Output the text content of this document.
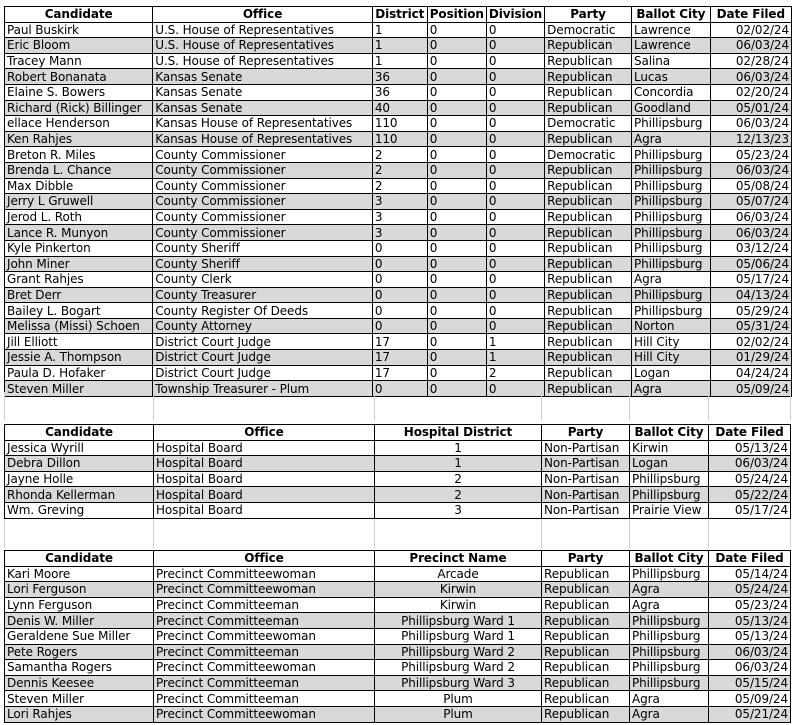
Candidate	Office	District	Position	Division	Party	Ballot City	Date Filed
Paul Buskirk	U.S. House of Representatives	1	0	0	Democratic	Lawrence	02/02/24
Eric Bloom	U.S. House of Representatives	1	0	0	Republican	Lawrence	06/03/24
Tracey Mann	U.S. House of Representatives	1	0	0	Republican	Salina	02/28/24
Robert Bonanata	Kansas Senate	36	0	0	Republican	Lucas	06/03/24
Elaine S. Bowers	Kansas Senate	36	0	0	Republican	Concordia	02/20/24
Richard (Rick) Billinger	Kansas Senate	40	0	0	Republican	Goodland	05/01/24
ellace Henderson	Kansas House of Representatives	110	0	0	Democratic	Phillipsburg	06/03/24
Ken Rahjes	Kansas House of Representatives	110	0	0	Republican	Agra	12/13/23
Breton R. Miles	County Commissioner	2	0	0	Democratic	Phillipsburg	05/23/24
Brenda L. Chance	County Commissioner	2	0	0	Republican	Phillipsburg	06/03/24
Max Dibble	County Commissioner	2	0	0	Republican	Phillipsburg	05/08/24
Jerry L Gruwell	County Commissioner	3	0	0	Republican	Phillipsburg	05/07/24
Jerod L. Roth	County Commissioner	3	0	0	Republican	Phillipsburg	06/03/24
Lance R. Munyon	County Commissioner	3	0	0	Republican	Phillipsburg	06/03/24
Kyle Pinkerton	County Sheriff	0	0	0	Republican	Phillipsburg	03/12/24
John Miner	County Sheriff	0	0	0	Republican	Phillipsburg	05/06/24
Grant Rahjes	County Clerk	0	0	0	Republican	Agra	05/17/24
Bret Derr	County Treasurer	0	0	0	Republican	Phillipsburg	04/13/24
Bailey L. Bogart	County Register Of Deeds	0	0	0	Republican	Phillipsburg	05/29/24
Melissa (Missi) Schoen	County Attorney	0	0	0	Republican	Norton	05/31/24
Jill Elliott	District Court Judge	17	0	1	Republican	Hill City	02/02/24
Jessie A. Thompson	District Court Judge	17	0	1	Republican	Hill City	01/29/24
Paula D. Hofaker	District Court Judge	17	0	2	Republican	Logan	04/24/24
Steven Miller	Township Treasurer - Plum	0	0	0	Republican	Agra	05/09/24

Candidate	Office	Hospital District	Party	Ballot City	Date Filed
Jessica Wyrill	Hospital Board	1	Non-Partisan	Kirwin	05/13/24
Debra Dillon	Hospital Board	1	Non-Partisan	Logan	06/03/24
Jayne Holle	Hospital Board	2	Non-Partisan	Phillipsburg	05/24/24
Rhonda Kellerman	Hospital Board	2	Non-Partisan	Phillipsburg	05/22/24
Wm. Greving	Hospital Board	3	Non-Partisan	Prairie View	05/17/24

Candidate	Office	Precinct Name	Party	Ballot City	Date Filed
Kari Moore	Precinct Committeewoman	Arcade	Republican	Phillipsburg	05/14/24
Lori Ferguson	Precinct Committeewoman	Kirwin	Republican	Agra	05/24/24
Lynn Ferguson	Precinct Committeeman	Kirwin	Republican	Agra	05/23/24
Denis W. Miller	Precinct Committeeman	Phillipsburg Ward 1	Republican	Phillipsburg	05/13/24
Geraldene Sue Miller	Precinct Committeewoman	Phillipsburg Ward 1	Republican	Phillipsburg	05/13/24
Pete Rogers	Precinct Committeeman	Phillipsburg Ward 2	Republican	Phillipsburg	06/03/24
Samantha Rogers	Precinct Committeewoman	Phillipsburg Ward 2	Republican	Phillipsburg	06/03/24
Dennis Keesee	Precinct Committeeman	Phillipsburg Ward 3	Republican	Phillipsburg	05/15/24
Steven Miller	Precinct Committeeman	Plum	Republican	Agra	05/09/24
Lori Rahjes	Precinct Committeewoman	Plum	Republican	Agra	05/21/24
